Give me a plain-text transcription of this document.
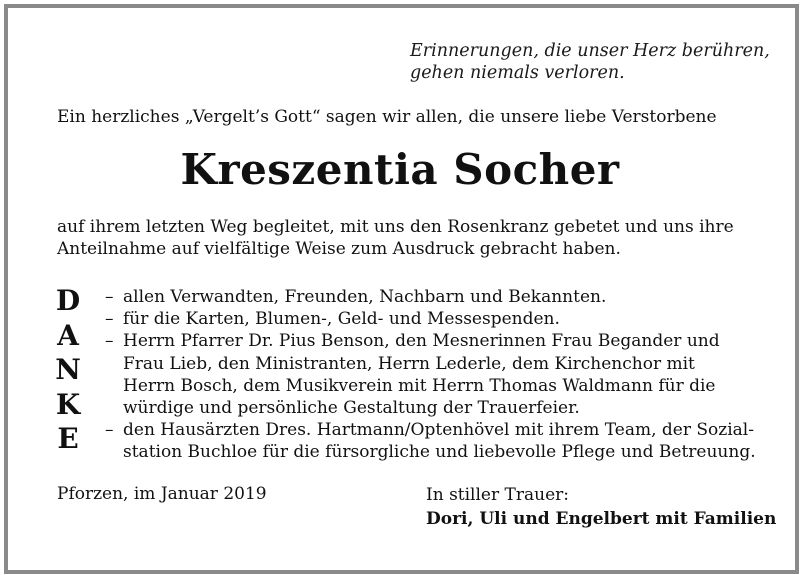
Erinnerungen, die unser Herz berühren,
gehen niemals verloren.
Ein herzliches „Vergelt’s Gott“ sagen wir allen, die unsere liebe Verstorbene
Kreszentia Socher
auf ihrem letzten Weg begleitet, mit uns den Rosenkranz gebetet und uns ihre
Anteilnahme auf vielfältige Weise zum Ausdruck gebracht haben.
D
A
N
K
E
– allen Verwandten, Freunden, Nachbarn und Bekannten.
– für die Karten, Blumen-, Geld- und Messespenden.
– Herrn Pfarrer Dr. Pius Benson, den Mesnerinnen Frau Begander und
Frau Lieb, den Ministranten, Herrn Lederle, dem Kirchenchor mit
Herrn Bosch, dem Musikverein mit Herrn Thomas Waldmann für die
würdige und persönliche Gestaltung der Trauerfeier.
– den Hausärzten Dres. Hartmann/Optenhövel mit ihrem Team, der Sozial-
station Buchloe für die fürsorgliche und liebevolle Pflege und Betreuung.
Pforzen, im Januar 2019	In stiller Trauer:
Dori, Uli und Engelbert mit Familien
